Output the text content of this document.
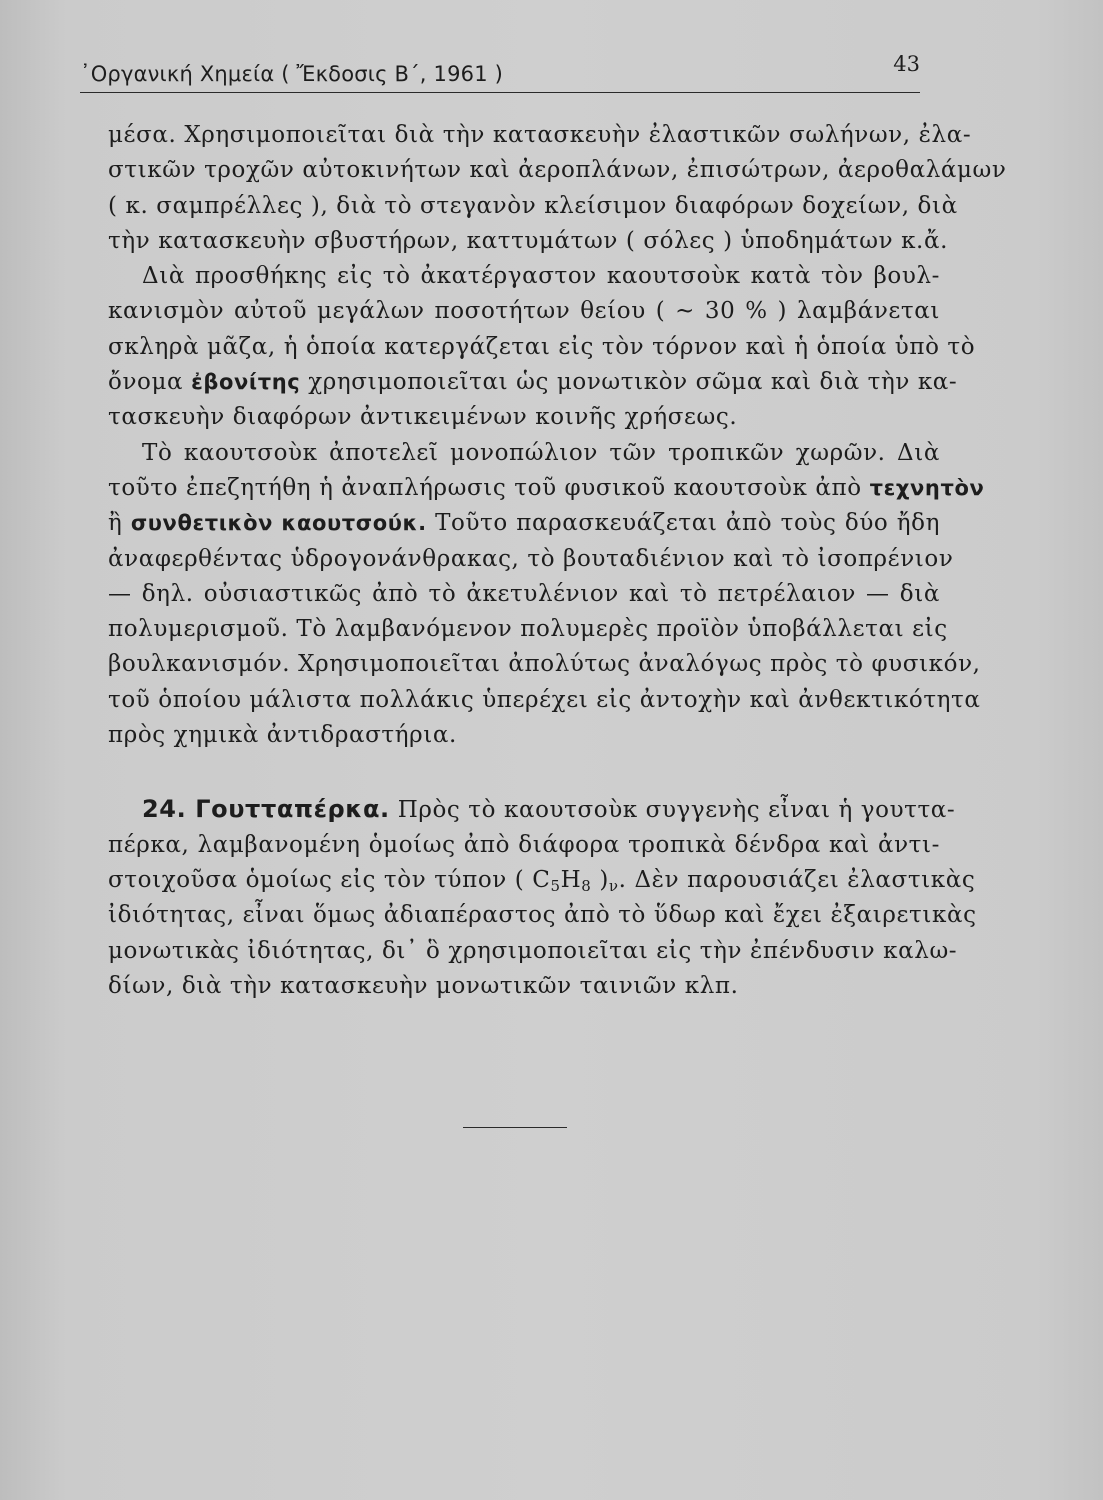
᾿Οργανική Χημεία ( Ἔκδοσις Β΄, 1961 )	43
μέσα. Χρησιμοποιεῖται διὰ τὴν κατασκευὴν ἐλαστικῶν σωλήνων, ἐλα-
στικῶν τροχῶν αὐτοκινήτων καὶ ἀεροπλάνων, ἐπισώτρων, ἀεροθαλάμων
( κ. σαμπρέλλες ), διὰ τὸ στεγανὸν κλείσιμον διαφόρων δοχείων, διὰ
τὴν κατασκευὴν σβυστήρων, καττυμάτων ( σόλες ) ὑποδημάτων κ.ἄ.
Διὰ προσθήκης εἰς τὸ ἀκατέργαστον καουτσοὺκ κατὰ τὸν βουλ-
κανισμὸν αὐτοῦ μεγάλων ποσοτήτων θείου ( ~ 30 % ) λαμβάνεται
σκληρὰ μᾶζα, ἡ ὁποία κατεργάζεται εἰς τὸν τόρνον καὶ ἡ ὁποία ὑπὸ τὸ
ὄνομα ἐβονίτης χρησιμοποιεῖται ὡς μονωτικὸν σῶμα καὶ διὰ τὴν κα-
τασκευὴν διαφόρων ἀντικειμένων κοινῆς χρήσεως.
Τὸ καουτσοὺκ ἀποτελεῖ μονοπώλιον τῶν τροπικῶν χωρῶν. Διὰ
τοῦτο ἐπεζητήθη ἡ ἀναπλήρωσις τοῦ φυσικοῦ καουτσοὺκ ἀπὸ τεχνητὸν
ἢ συνθετικὸν καουτσούκ. Τοῦτο παρασκευάζεται ἀπὸ τοὺς δύο ἤδη
ἀναφερθέντας ὑδρογονάνθρακας, τὸ βουταδιένιον καὶ τὸ ἰσοπρένιον
— δηλ. οὐσιαστικῶς ἀπὸ τὸ ἀκετυλένιον καὶ τὸ πετρέλαιον — διὰ
πολυμερισμοῦ. Τὸ λαμβανόμενον πολυμερὲς προϊὸν ὑποβάλλεται εἰς
βουλκανισμόν. Χρησιμοποιεῖται ἀπολύτως ἀναλόγως πρὸς τὸ φυσικόν,
τοῦ ὁποίου μάλιστα πολλάκις ὑπερέχει εἰς ἀντοχὴν καὶ ἀνθεκτικότητα
πρὸς χημικὰ ἀντιδραστήρια.
24. Γουτταπέρκα. Πρὸς τὸ καουτσοὺκ συγγενὴς εἶναι ἡ γουττα-
πέρκα, λαμβανομένη ὁμοίως ἀπὸ διάφορα τροπικὰ δένδρα καὶ ἀντι-
στοιχοῦσα ὁμοίως εἰς τὸν τύπον ( $C_5H_8$ )$_\nu$. Δὲν παρουσιάζει ἐλαστικὰς
ἰδιότητας, εἶναι ὅμως ἀδιαπέραστος ἀπὸ τὸ ὕδωρ καὶ ἔχει ἐξαιρετικὰς
μονωτικὰς ἰδιότητας, δι᾿ ὃ χρησιμοποιεῖται εἰς τὴν ἐπένδυσιν καλω-
δίων, διὰ τὴν κατασκευὴν μονωτικῶν ταινιῶν κλπ.
